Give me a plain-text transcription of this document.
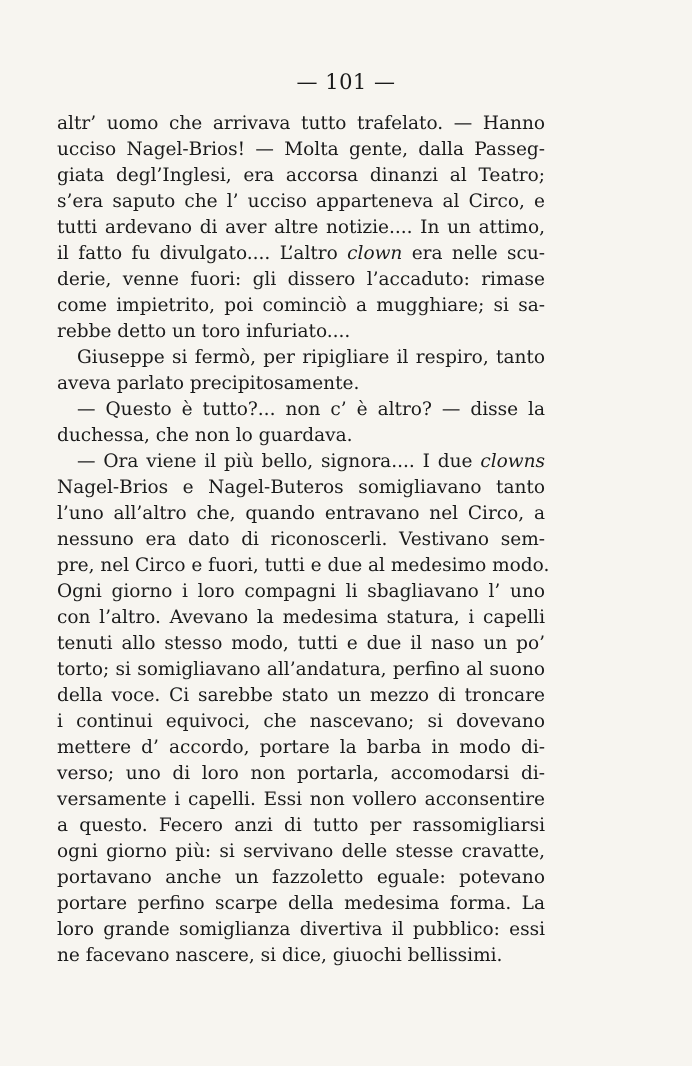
— 101 —
altr’ uomo che arrivava tutto trafelato. — Hanno
ucciso Nagel-Brios! — Molta gente, dalla Passeg-
giata degl’Inglesi, era accorsa dinanzi al Teatro;
s’era saputo che l’ ucciso apparteneva al Circo, e
tutti ardevano di aver altre notizie.... In un attimo,
il fatto fu divulgato.... L’altro clown era nelle scu-
derie, venne fuori: gli dissero l’accaduto: rimase
come impietrito, poi cominciò a mugghiare; si sa-
rebbe detto un toro infuriato....
Giuseppe si fermò, per ripigliare il respiro, tanto
aveva parlato precipitosamente.
— Questo è tutto?... non c’ è altro? — disse la
duchessa, che non lo guardava.
— Ora viene il più bello, signora.... I due clowns
Nagel-Brios e Nagel-Buteros somigliavano tanto
l’uno all’altro che, quando entravano nel Circo, a
nessuno era dato di riconoscerli. Vestivano sem-
pre, nel Circo e fuori, tutti e due al medesimo modo.
Ogni giorno i loro compagni li sbagliavano l’ uno
con l’altro. Avevano la medesima statura, i capelli
tenuti allo stesso modo, tutti e due il naso un po’
torto; si somigliavano all’andatura, perfino al suono
della voce. Ci sarebbe stato un mezzo di troncare
i continui equivoci, che nascevano; si dovevano
mettere d’ accordo, portare la barba in modo di-
verso; uno di loro non portarla, accomodarsi di-
versamente i capelli. Essi non vollero acconsentire
a questo. Fecero anzi di tutto per rassomigliarsi
ogni giorno più: si servivano delle stesse cravatte,
portavano anche un fazzoletto eguale: potevano
portare perfino scarpe della medesima forma. La
loro grande somiglianza divertiva il pubblico: essi
ne facevano nascere, si dice, giuochi bellissimi.
